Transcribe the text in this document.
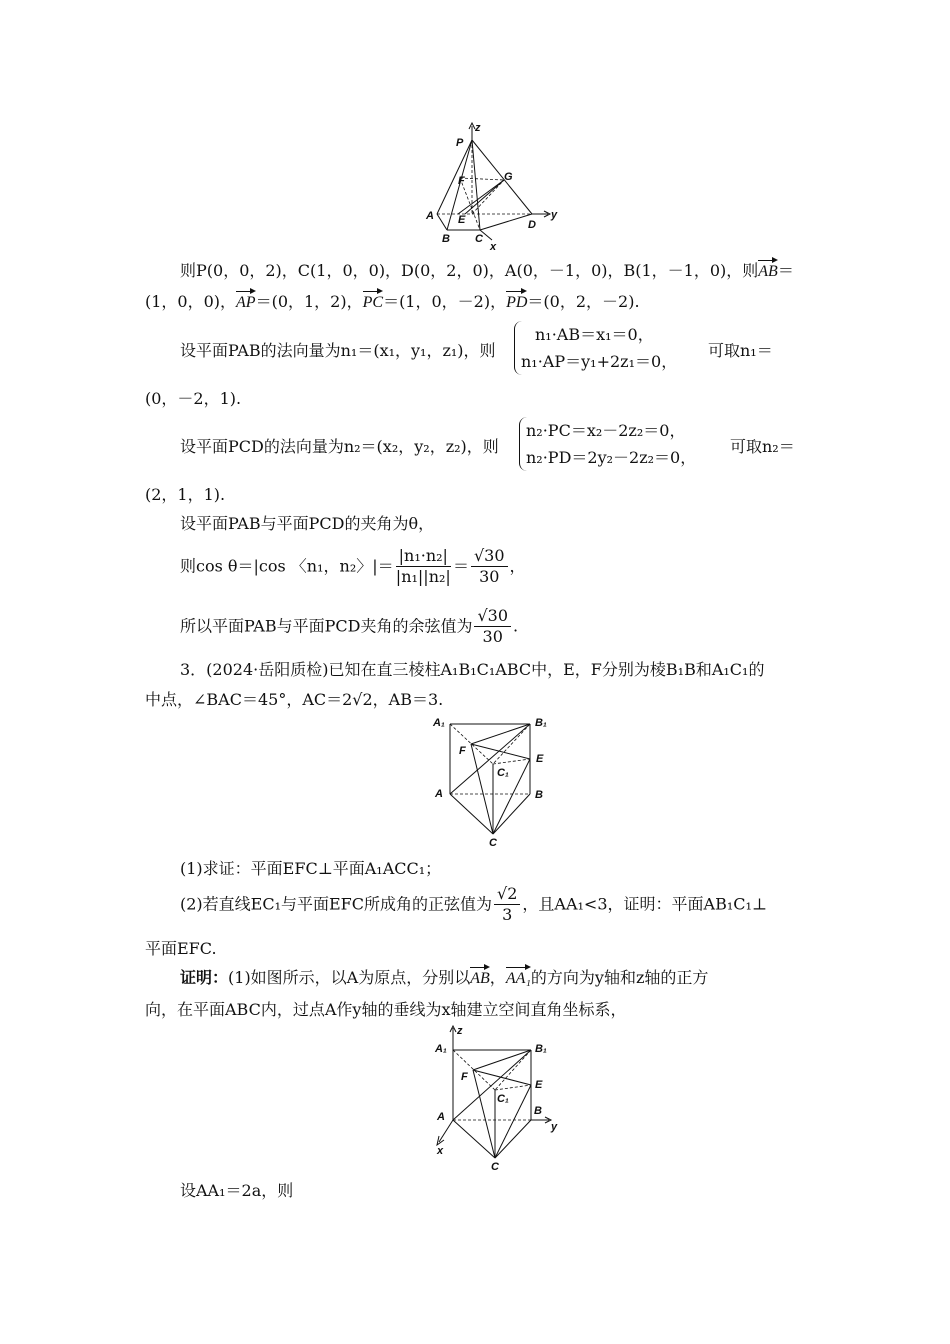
P
z
F	G
A E	y
B C
D
x
则P(0，0，2)，C(1，0，0)，D(0，2，0)，A(0，－1，0)，B(1，－1，0)，则AB＝
(1，0，0)，AP＝(0，1，2)，PC＝(1，0，－2)，PD＝(0，2，－2).
设平面PAB的法向量为n₁＝(x₁，y₁，z₁)，则
n₁·AB＝x₁＝0，
n₁·AP＝y₁+2z₁＝0，
可取n₁＝
(0，－2，1).
设平面PCD的法向量为n₂＝(x₂，y₂，z₂)，则
n₂·PC＝x₂－2z₂＝0，
n₂·PD＝2y₂－2z₂＝0，
可取n₂＝
(2，1，1).
设平面PAB与平面PCD的夹角为θ，
则cos θ＝|cos 〈n₁，n₂〉|＝ $\frac{\text{|n₁·n₂|}}{\text{|n₁||n₂|}} = \frac{√30}{30}$ ，
所以平面PAB与平面PCD夹角的余弦值为 $\frac{√30}{30}$ .
3．(2024·岳阳质检)已知在直三棱柱A₁B₁C₁ABC中，E，F分别为棱B₁B和A₁C₁的
中点，∠BAC＝45°，AC＝2√2，AB＝3.
A₁	B₁
F
E
C₁
A	B
C
(1)求证：平面EFC⊥平面A₁ACC₁；
(2)若直线EC₁与平面EFC所成角的正弦值为 $\frac{√2}{3}$ ，且AA₁<3，证明：平面AB₁C₁⊥
平面EFC.
证明：(1)如图所示，以A为原点，分别以AB，AA₁的方向为y轴和z轴的正方
向，在平面ABC内，过点A作y轴的垂线为x轴建立空间直角坐标系，
z
A₁	B₁
F
E
C₁
A	B
y
x
C
设AA₁＝2a，则
